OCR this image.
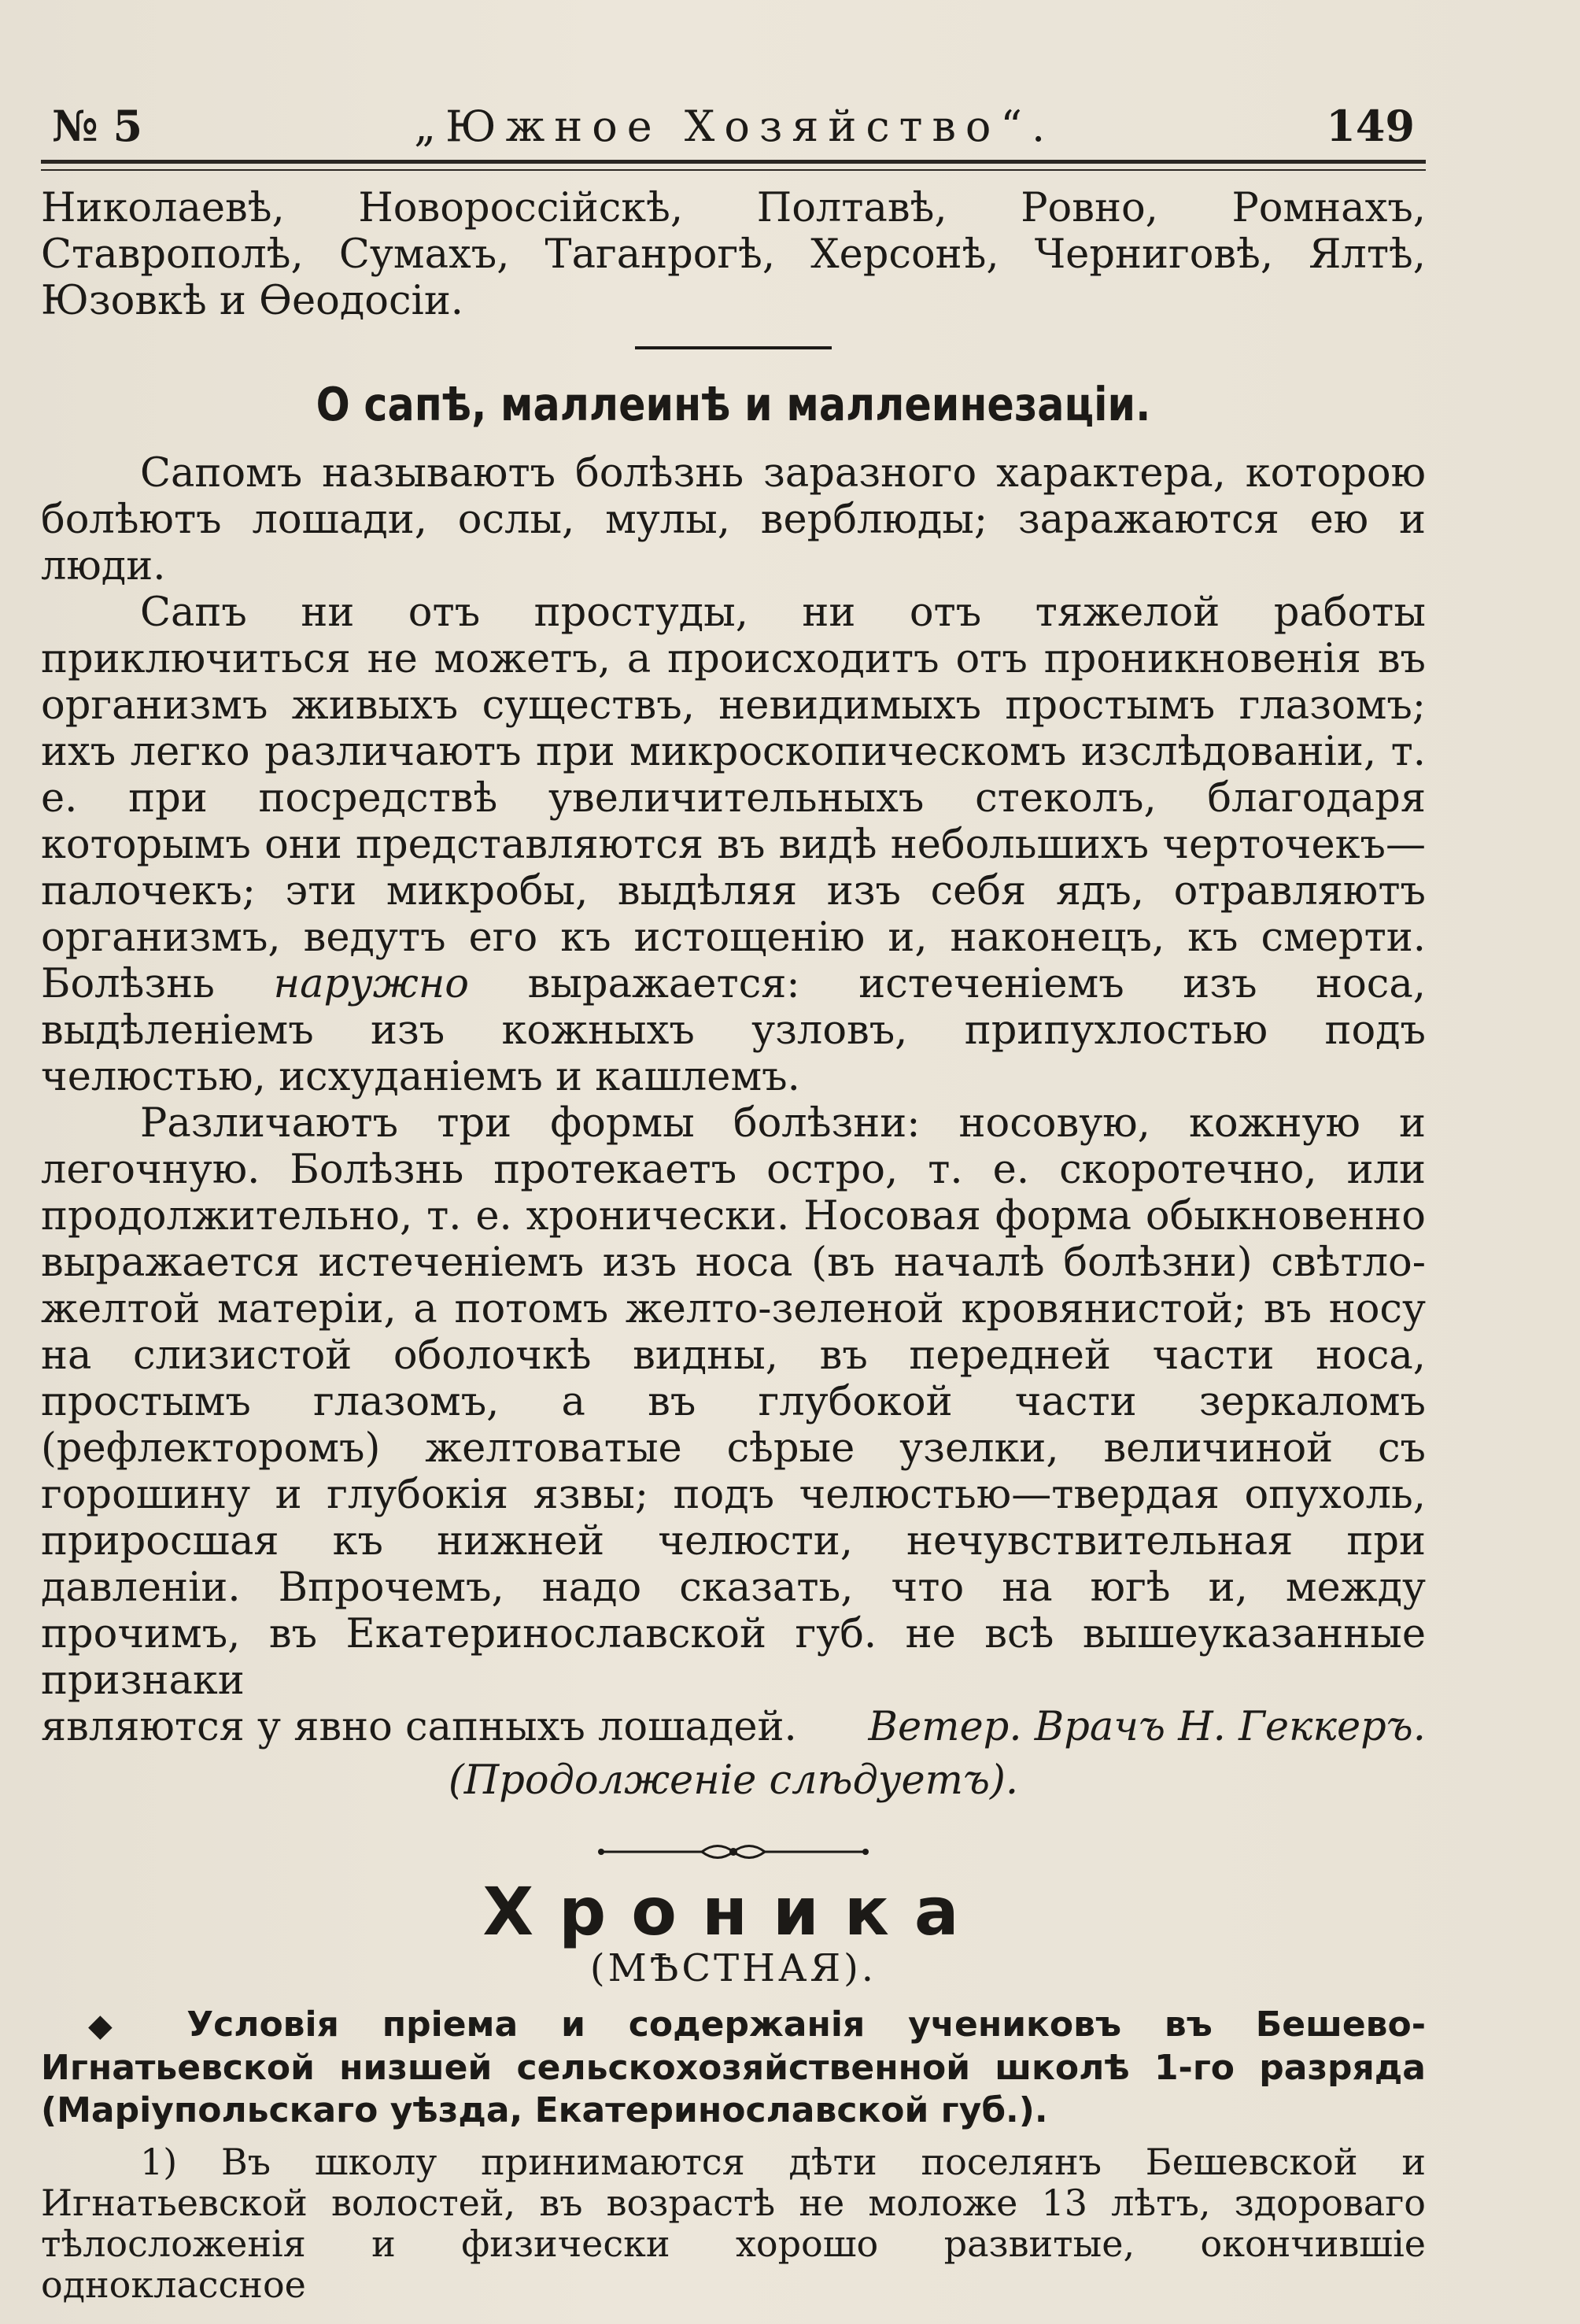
№ 5	„Южное Хозяйство“.	149

Николаевѣ, Новороссійскѣ, Полтавѣ, Ровно, Ромнахъ, Ставрополѣ, Сумахъ, Таганрогѣ, Херсонѣ, Черниговѣ, Ялтѣ, Юзовкѣ и Ѳеодосіи.

О сапѣ, маллеинѣ и маллеинезаціи.

Сапомъ называютъ болѣзнь заразного характера, которою болѣютъ лошади, ослы, мулы, верблюды; заражаются ею и люди.

Сапъ ни отъ простуды, ни отъ тяжелой работы приключиться не можетъ, а происходитъ отъ проникновенія въ организмъ живыхъ существъ, невидимыхъ простымъ глазомъ; ихъ легко различаютъ при микроскопическомъ изслѣдованіи, т. е. при посредствѣ увеличительныхъ стеколъ, благодаря которымъ они представляются въ видѣ небольшихъ черточекъ—палочекъ; эти микробы, выдѣляя изъ себя ядъ, отравляютъ организмъ, ведутъ его къ истощенію и, наконецъ, къ смерти. Болѣзнь наружно выражается: истеченіемъ изъ носа, выдѣленіемъ изъ кожныхъ узловъ, припухлостью подъ челюстью, исхуданіемъ и кашлемъ.

Различаютъ три формы болѣзни: носовую, кожную и легочную. Болѣзнь протекаетъ остро, т. е. скоротечно, или продолжительно, т. е. хронически. Носовая форма обыкновенно выражается истеченіемъ изъ носа (въ началѣ болѣзни) свѣтло-желтой матеріи, а потомъ желто-зеленой кровянистой; въ носу на слизистой оболочкѣ видны, въ передней части носа, простымъ глазомъ, а въ глубокой части зеркаломъ (рефлекторомъ) желтоватые сѣрые узелки, величиной съ горошину и глубокія язвы; подъ челюстью—твердая опухоль, приросшая къ нижней челюсти, нечувствительная при давленіи. Впрочемъ, надо сказать, что на югѣ и, между прочимъ, въ Екатеринославской губ. не всѣ вышеуказанные признаки

являются у явно сапныхъ лошадей. Ветер. Врачъ Н. Геккеръ.

(Продолженіе слѣдуетъ).

Хроника

(МѢСТНАЯ).

◆ Условія пріема и содержанія учениковъ въ Бешево-Игнатьевской низшей сельскохозяйственной школѣ 1-го разряда (Маріупольскаго уѣзда, Екатеринославской губ.).

1) Въ школу принимаются дѣти поселянъ Бешевской и Игнатьевской волостей, въ возрастѣ не моложе 13 лѣтъ, здороваго тѣлосложенія и физически хорошо развитые, окончившіе одноклассное
